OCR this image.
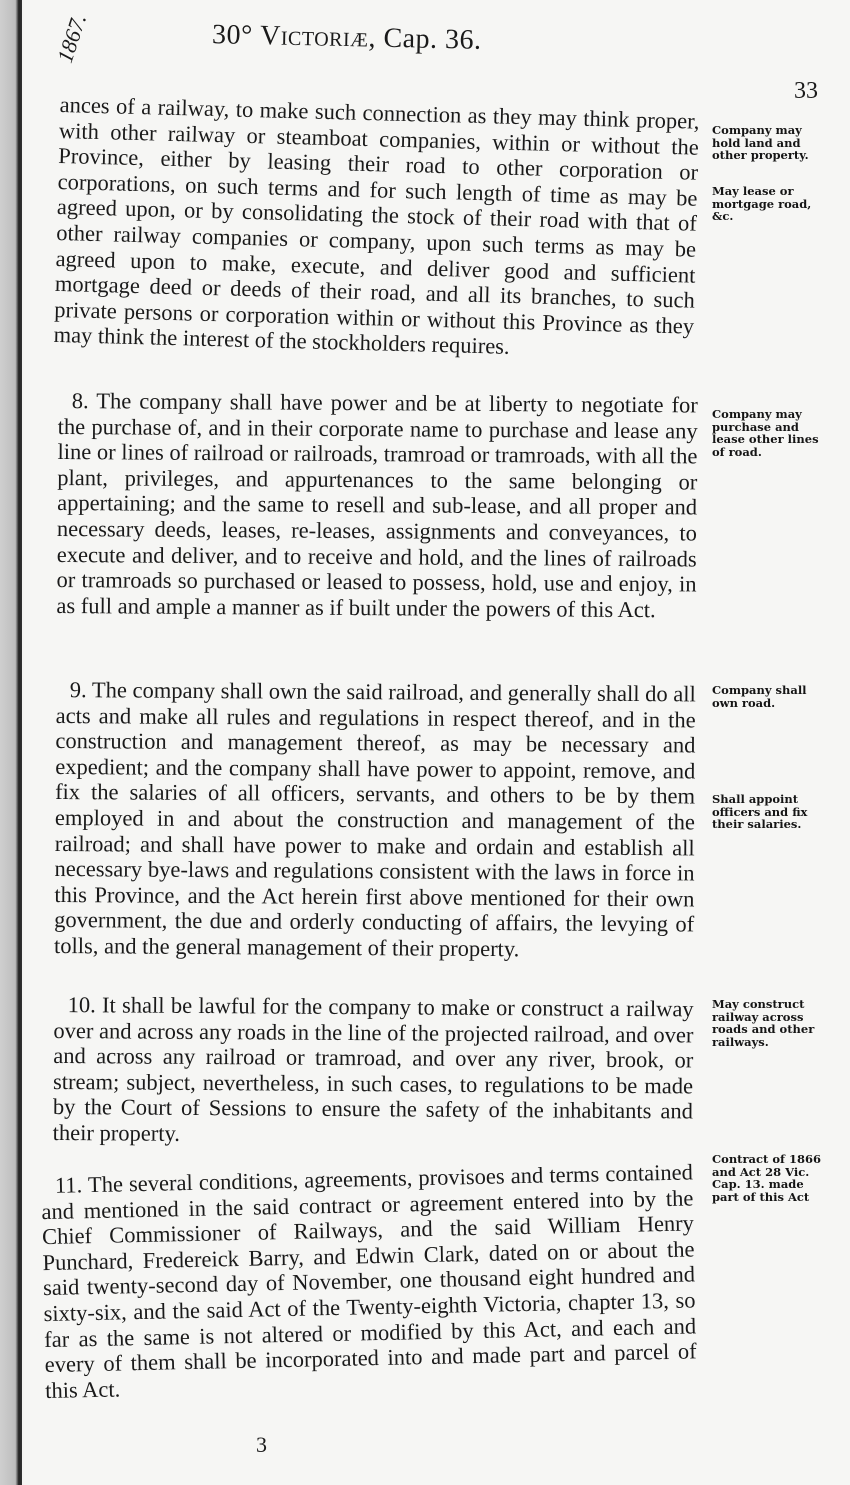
1867.	30° Victoriæ, Cap. 36.
33

ances of a railway, to make such connection as they may think proper, with other railway or steamboat companies, within or without the Province, either by leasing their road to other corporation or corporations, on such terms and for such length of time as may be agreed upon, or by consolidating the stock of their road with that of other railway companies or company, upon such terms as may be agreed upon to make, execute, and deliver good and sufficient mortgage deed or deeds of their road, and all its branches, to such private persons or corporation within or without this Province as they may think the interest of the stockholders requires.

8. The company shall have power and be at liberty to negotiate for the purchase of, and in their corporate name to purchase and lease any line or lines of railroad or railroads, tramroad or tramroads, with all the plant, privileges, and appurtenances to the same belonging or appertaining; and the same to resell and sub-lease, and all proper and necessary deeds, leases, re-leases, assignments and conveyances, to execute and deliver, and to receive and hold, and the lines of railroads or tramroads so purchased or leased to possess, hold, use and enjoy, in as full and ample a manner as if built under the powers of this Act.

9. The company shall own the said railroad, and generally shall do all acts and make all rules and regulations in respect thereof, and in the construction and management thereof, as may be necessary and expedient; and the company shall have power to appoint, remove, and fix the salaries of all officers, servants, and others to be by them employed in and about the construction and management of the railroad; and shall have power to make and ordain and establish all necessary bye-laws and regulations consistent with the laws in force in this Province, and the Act herein first above mentioned for their own government, the due and orderly conducting of affairs, the levying of tolls, and the general management of their property.

10. It shall be lawful for the company to make or construct a railway over and across any roads in the line of the projected railroad, and over and across any railroad or tramroad, and over any river, brook, or stream; subject, nevertheless, in such cases, to regulations to be made by the Court of Sessions to ensure the safety of the inhabitants and their property.

11. The several conditions, agreements, provisoes and terms contained and mentioned in the said contract or agreement entered into by the Chief Commissioner of Railways, and the said William Henry Punchard, Fredereick Barry, and Edwin Clark, dated on or about the said twenty-second day of November, one thousand eight hundred and sixty-six, and the said Act of the Twenty-eighth Victoria, chapter 13, so far as the same is not altered or modified by this Act, and each and every of them shall be incorporated into and made part and parcel of this Act.

Company may hold land and other property.
May lease or mortgage road, &c.
Company may purchase and lease other lines of road.
Company shall own road.
Shall appoint officers and fix their salaries.
May construct railway across roads and other railways.
Contract of 1866 and Act 28 Vic. Cap. 13. made part of this Act
3
